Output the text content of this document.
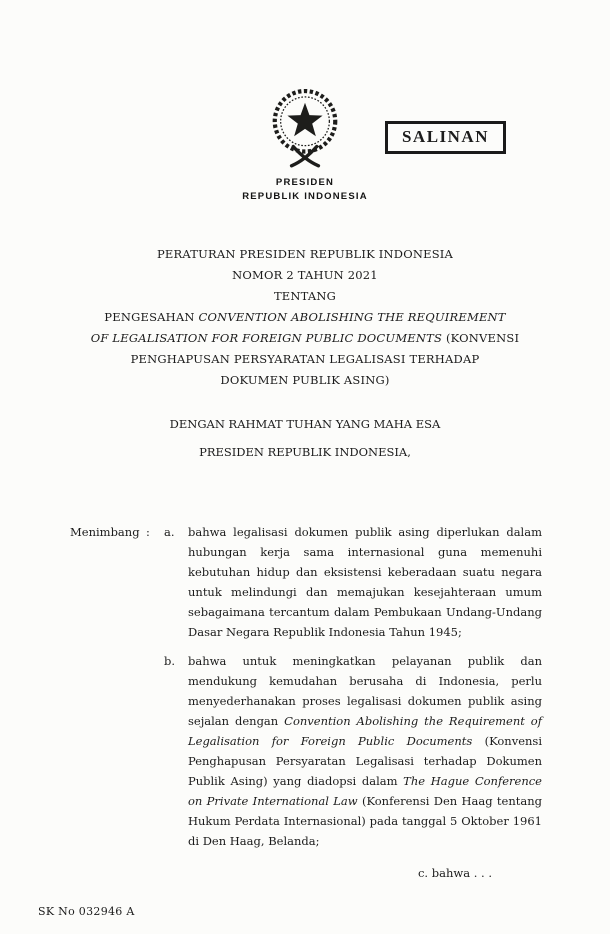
SALINAN
PRESIDEN
REPUBLIK INDONESIA
PERATURAN PRESIDEN REPUBLIK INDONESIA
NOMOR 2 TAHUN 2021
TENTANG
PENGESAHAN CONVENTION ABOLISHING THE REQUIREMENT
OF LEGALISATION FOR FOREIGN PUBLIC DOCUMENTS (KONVENSI
PENGHAPUSAN PERSYARATAN LEGALISASI TERHADAP
DOKUMEN PUBLIK ASING)
DENGAN RAHMAT TUHAN YANG MAHA ESA
PRESIDEN REPUBLIK INDONESIA,
Menimbang :	a.	bahwa legalisasi dokumen publik asing diperlukan dalam hubungan kerja sama internasional guna memenuhi kebutuhan hidup dan eksistensi keberadaan suatu negara untuk melindungi dan memajukan kesejahteraan umum sebagaimana tercantum dalam Pembukaan Undang-Undang Dasar Negara Republik Indonesia Tahun 1945;
b.	bahwa untuk meningkatkan pelayanan publik dan mendukung kemudahan berusaha di Indonesia, perlu menyederhanakan proses legalisasi dokumen publik asing sejalan dengan Convention Abolishing the Requirement of Legalisation for Foreign Public Documents (Konvensi Penghapusan Persyaratan Legalisasi terhadap Dokumen Publik Asing) yang diadopsi dalam The Hague Conference on Private International Law (Konferensi Den Haag tentang Hukum Perdata Internasional) pada tanggal 5 Oktober 1961 di Den Haag, Belanda;
c. bahwa . . .
SK No 032946 A
